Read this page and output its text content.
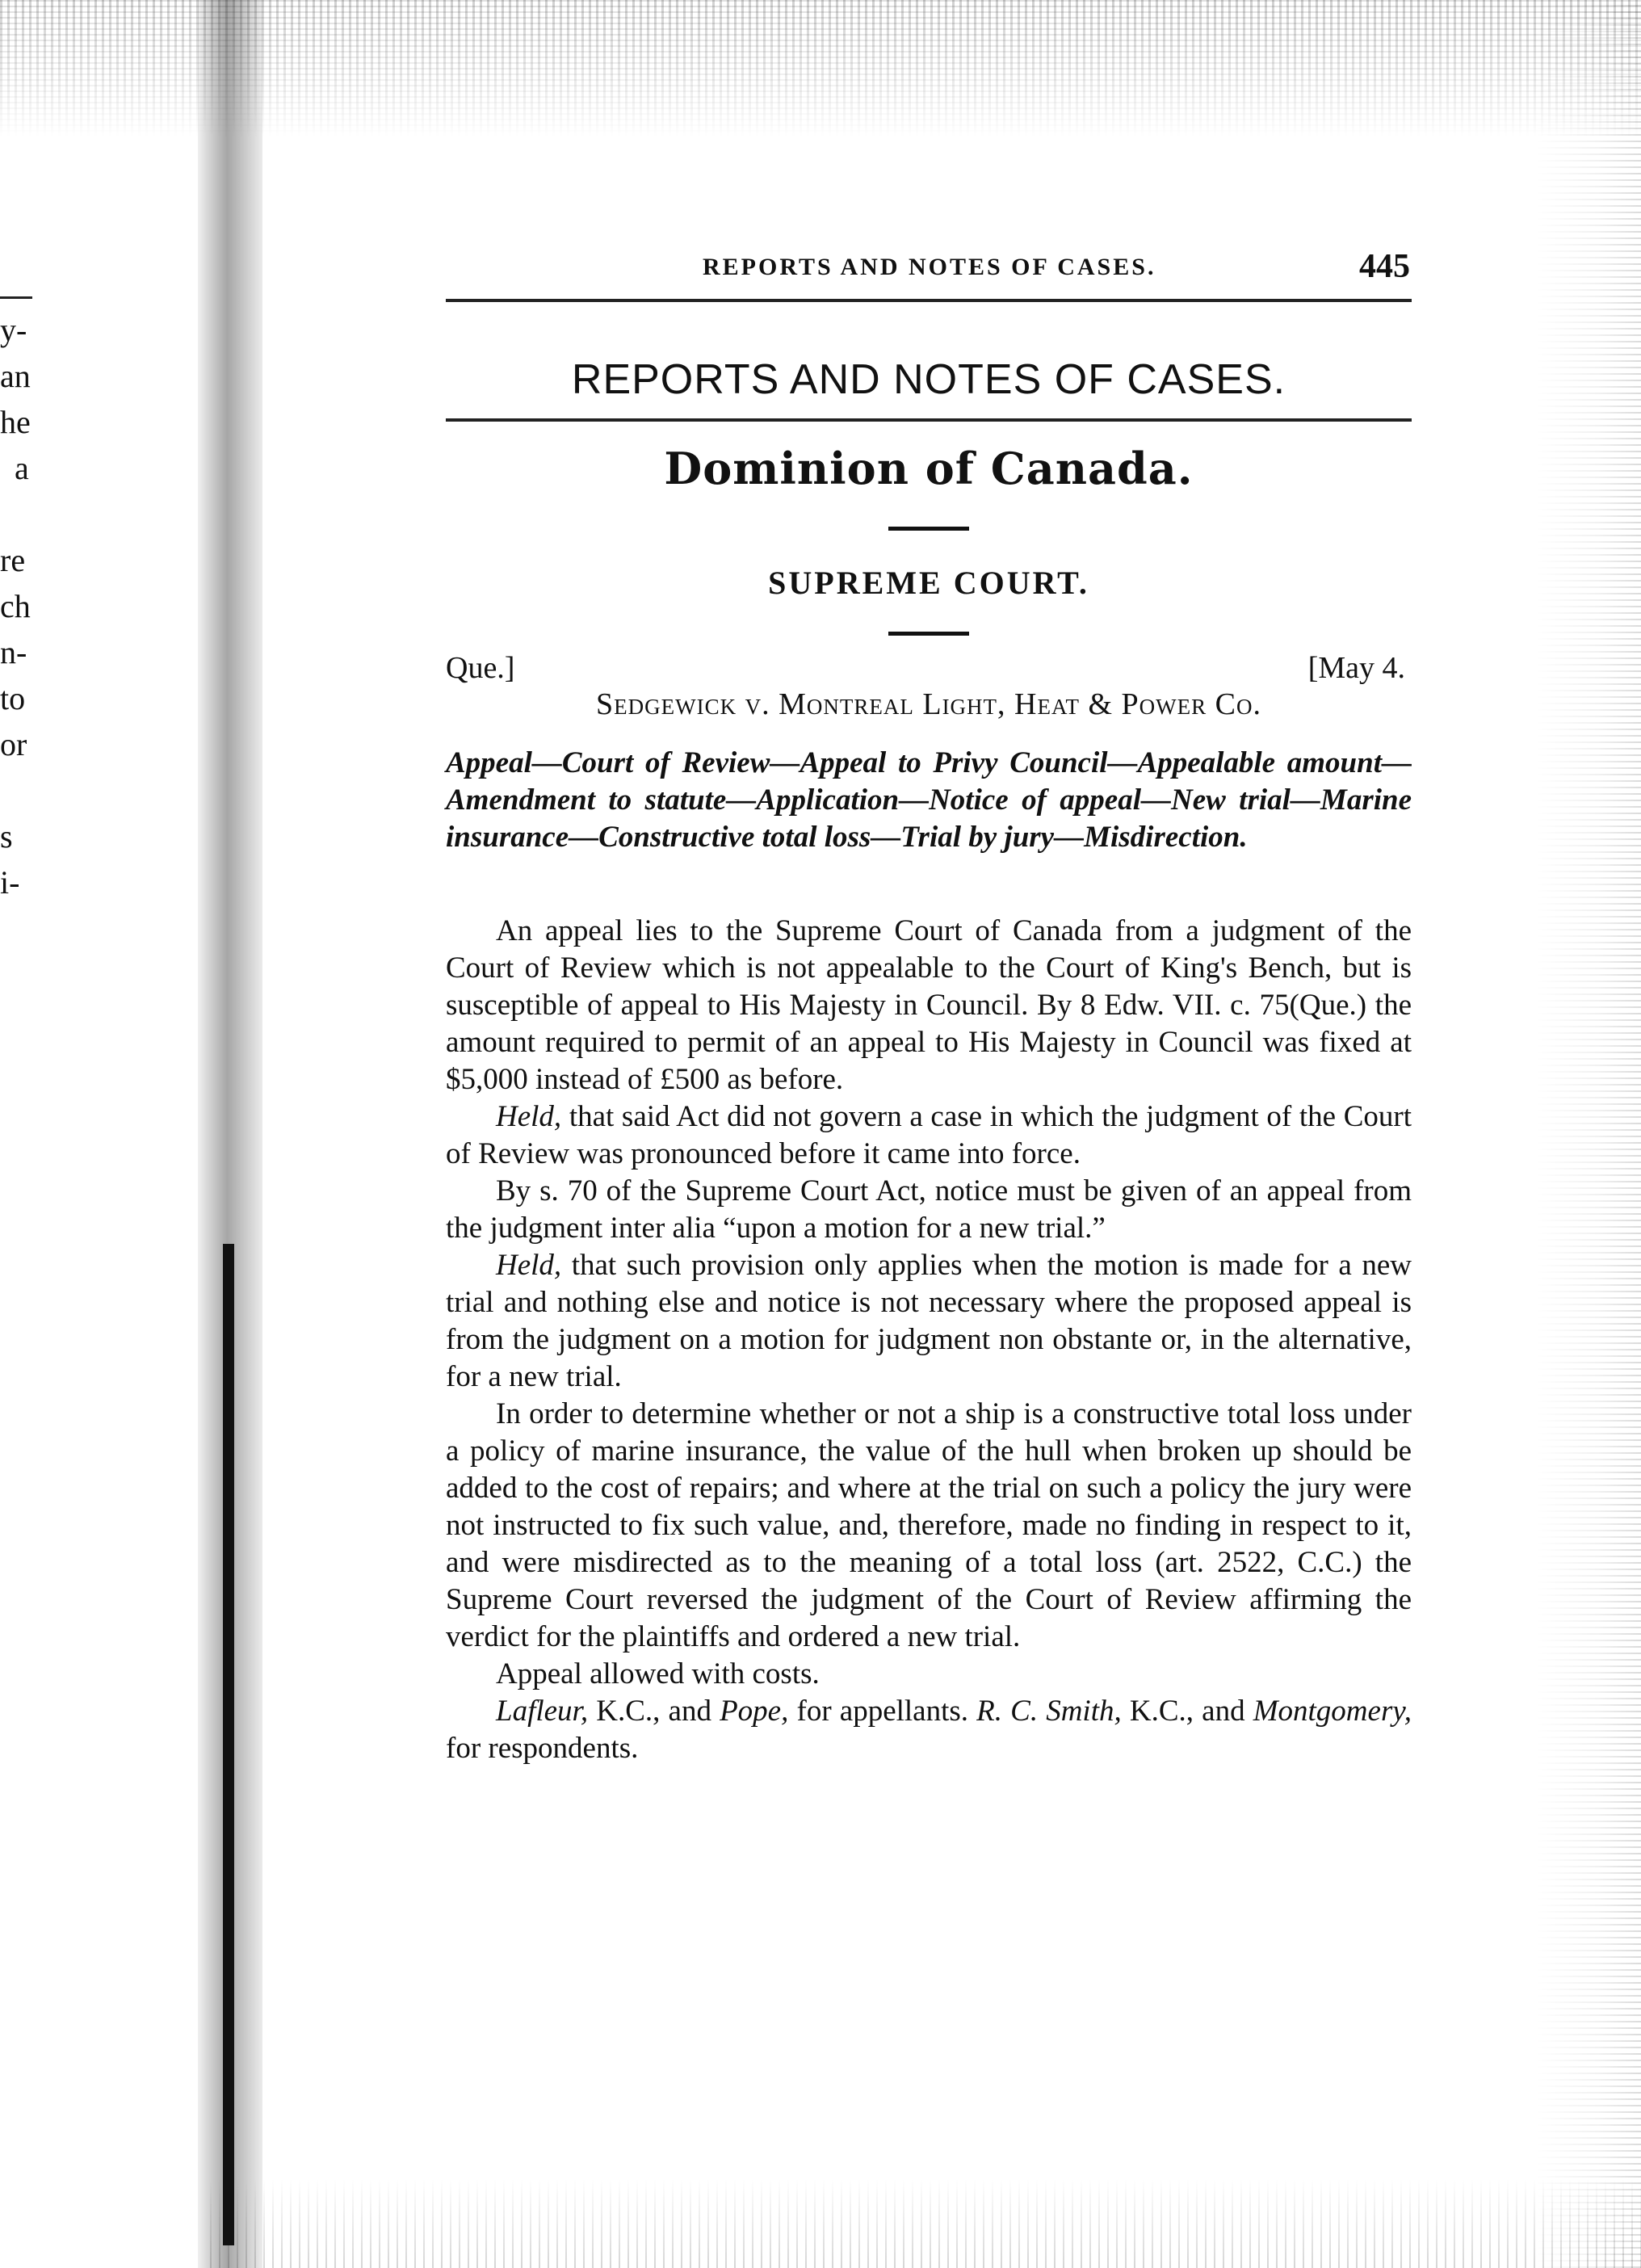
y-
an
he
a

re
ch
n-
to
or

s
i-
REPORTS AND NOTES OF CASES.	445
REPORTS AND NOTES OF CASES.
Dominion of Canada.
SUPREME COURT.
Que.]	[May 4.
Sedgewick v. Montreal Light, Heat & Power Co.
Appeal—Court of Review—Appeal to Privy Council—Appealable amount—Amendment to statute—Application—Notice of appeal—New trial—Marine insurance—Constructive total loss—Trial by jury—Misdirection.

An appeal lies to the Supreme Court of Canada from a judgment of the Court of Review which is not appealable to the Court of King's Bench, but is susceptible of appeal to His Majesty in Council. By 8 Edw. VII. c. 75(Que.) the amount required to permit of an appeal to His Majesty in Council was fixed at $5,000 instead of £500 as before.

Held, that said Act did not govern a case in which the judgment of the Court of Review was pronounced before it came into force.

By s. 70 of the Supreme Court Act, notice must be given of an appeal from the judgment inter alia “upon a motion for a new trial.”

Held, that such provision only applies when the motion is made for a new trial and nothing else and notice is not necessary where the proposed appeal is from the judgment on a motion for judgment non obstante or, in the alternative, for a new trial.

In order to determine whether or not a ship is a constructive total loss under a policy of marine insurance, the value of the hull when broken up should be added to the cost of repairs; and where at the trial on such a policy the jury were not instructed to fix such value, and, therefore, made no finding in respect to it, and were misdirected as to the meaning of a total loss (art. 2522, C.C.) the Supreme Court reversed the judgment of the Court of Review affirming the verdict for the plaintiffs and ordered a new trial.

Appeal allowed with costs.

Lafleur, K.C., and Pope, for appellants. R. C. Smith, K.C., and Montgomery, for respondents.
